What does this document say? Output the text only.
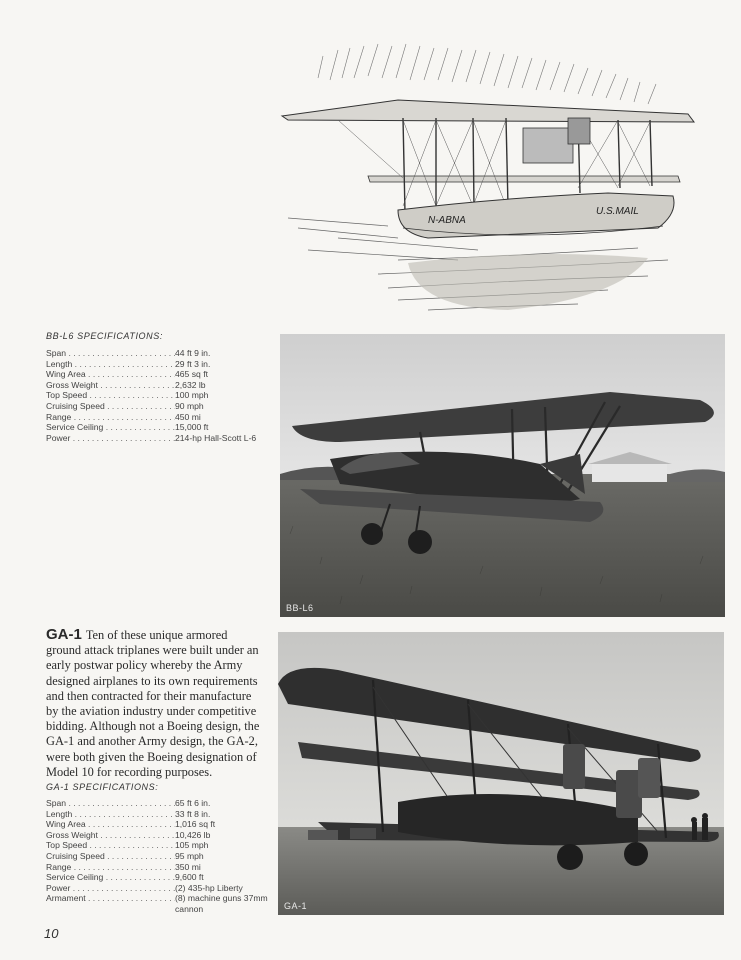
N-ABNA
U.S.MAIL
BB-L6 SPECIFICATIONS:
Span . . .	44 ft 9 in.
Length . . .	29 ft 3 in.
Wing Area . . .	465 sq ft
Gross Weight . . .	2,632 lb
Top Speed . . .	100 mph
Cruising Speed . . .	90 mph
Range . . .	450 mi
Service Ceiling . . .	15,000 ft
Power . . .	214-hp Hall-Scott L-6
BB-L6
GA-1 Ten of these unique armored ground attack triplanes were built under an early postwar policy whereby the Army designed airplanes to its own requirements and then contracted for their manufacture by the aviation industry under competitive bidding. Although not a Boeing design, the GA-1 and another Army design, the GA-2, were both given the Boeing designation of Model 10 for recording purposes.
GA-1 SPECIFICATIONS:
Span . . .	65 ft 6 in.
Length . . .	33 ft 8 in.
Wing Area . . .	1,016 sq ft
Gross Weight . . .	10,426 lb
Top Speed . . .	105 mph
Cruising Speed . . .	95 mph
Range . . .	350 mi
Service Ceiling . . .	9,600 ft
Power . . .	(2) 435-hp Liberty
Armament . . .	(8) machine guns 37mm cannon	GA-1
10
